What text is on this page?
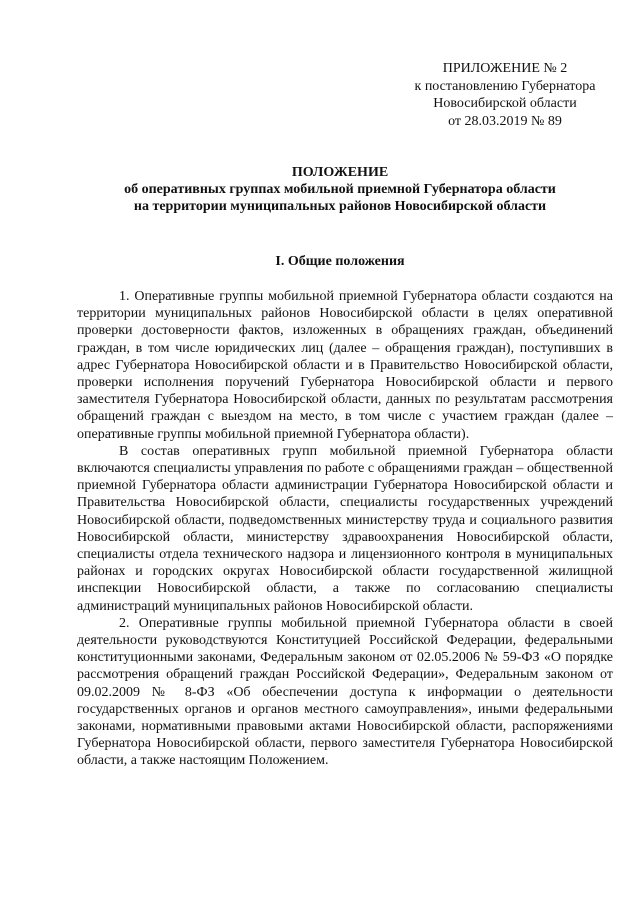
ПРИЛОЖЕНИЕ № 2
к постановлению Губернатора
Новосибирской области
от 28.03.2019 № 89
ПОЛОЖЕНИЕ
об оперативных группах мобильной приемной Губернатора области
на территории муниципальных районов Новосибирской области
I. Общие положения

1. Оперативные группы мобильной приемной Губернатора области создаются на территории муниципальных районов Новосибирской области в целях оперативной проверки достоверности фактов, изложенных в обращениях граждан, объединений граждан, в том числе юридических лиц (далее – обращения граждан), поступивших в адрес Губернатора Новосибирской области и в Правительство Новосибирской области, проверки исполнения поручений Губернатора Новосибирской области и первого заместителя Губернатора Новосибирской области, данных по результатам рассмотрения обращений граждан с выездом на место, в том числе с участием граждан (далее – оперативные группы мобильной приемной Губернатора области).

В состав оперативных групп мобильной приемной Губернатора области включаются специалисты управления по работе с обращениями граждан – общественной приемной Губернатора области администрации Губернатора Новосибирской области и Правительства Новосибирской области, специалисты государственных учреждений Новосибирской области, подведомственных министерству труда и социального развития Новосибирской области, министерству здравоохранения Новосибирской области, специалисты отдела технического надзора и лицензионного контроля в муниципальных районах и городских округах Новосибирской области государственной жилищной инспекции Новосибирской области, а также по согласованию специалисты администраций муниципальных районов Новосибирской области.

2. Оперативные группы мобильной приемной Губернатора области в своей деятельности руководствуются Конституцией Российской Федерации, федеральными конституционными законами, Федеральным законом от 02.05.2006 № 59-ФЗ «О порядке рассмотрения обращений граждан Российской Федерации», Федеральным законом от 09.02.2009 № 8-ФЗ «Об обеспечении доступа к информации о деятельности государственных органов и органов местного самоуправления», иными федеральными законами, нормативными правовыми актами Новосибирской области, распоряжениями Губернатора Новосибирской области, первого заместителя Губернатора Новосибирской области, а также настоящим Положением.
